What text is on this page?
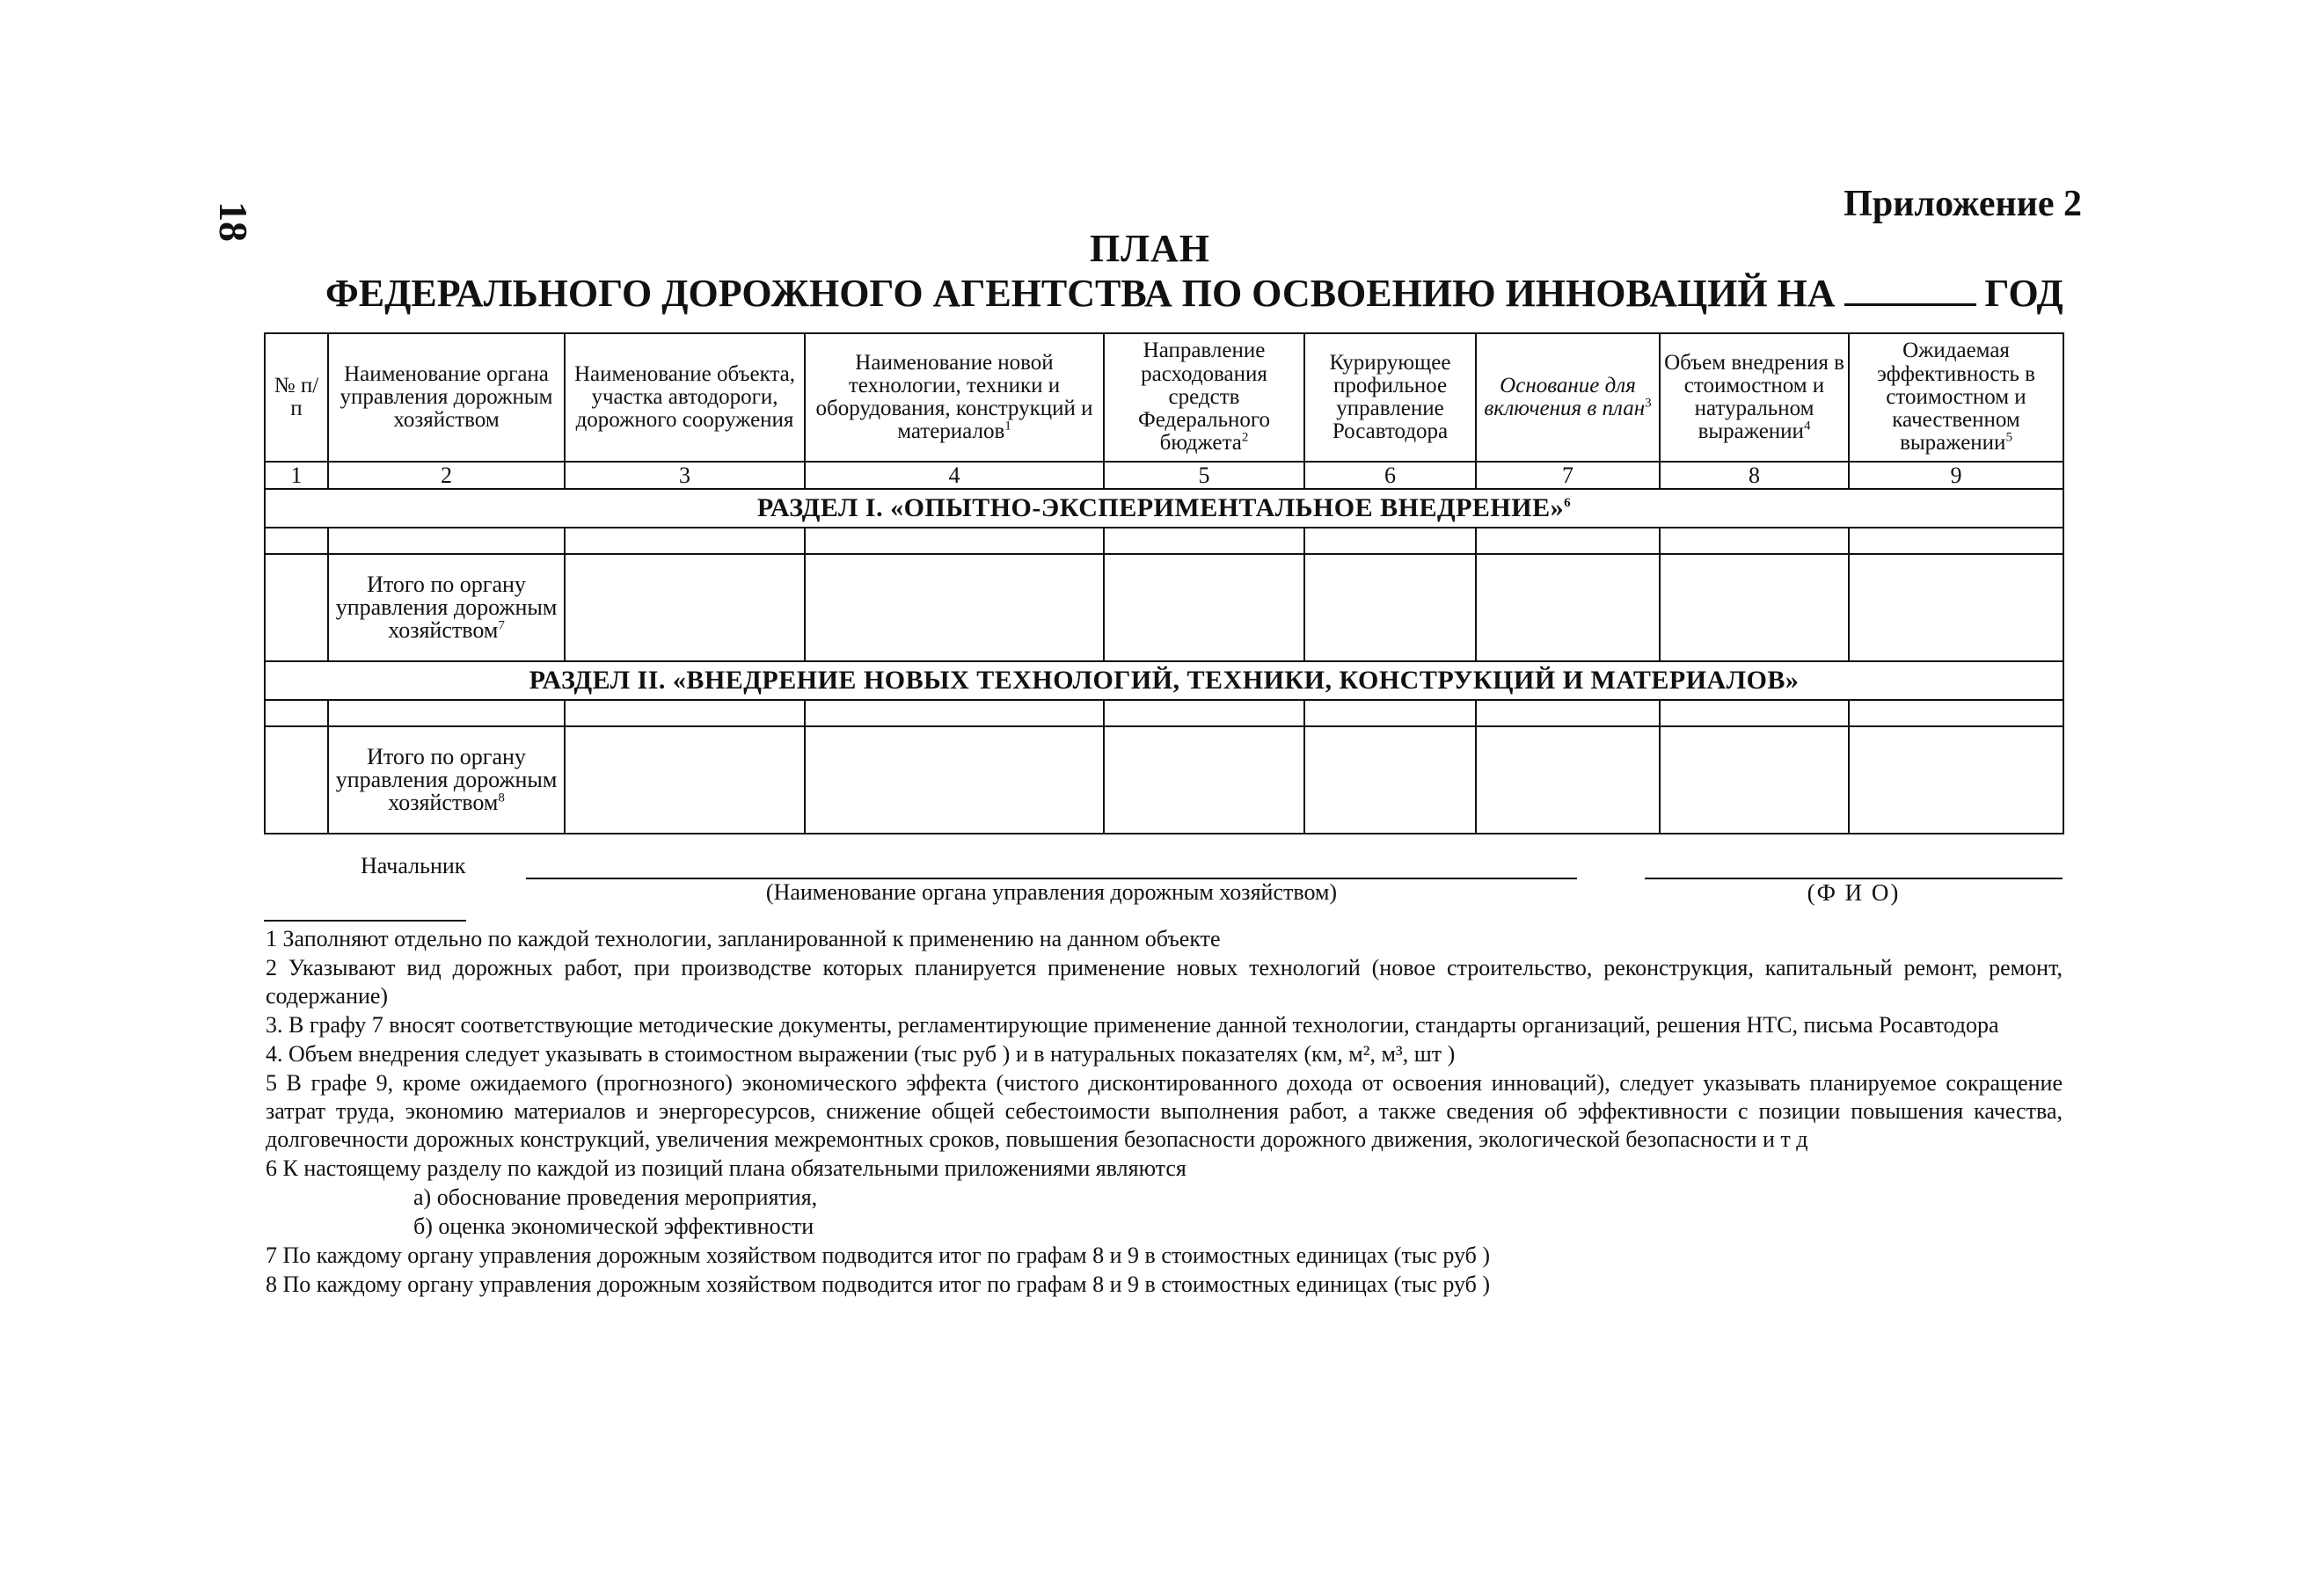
18	Приложение 2
ПЛАН
ФЕДЕРАЛЬНОГО ДОРОЖНОГО АГЕНТСТВА ПО ОСВОЕНИЮ ИННОВАЦИЙ НА	ГОД
№ п/п	Наименование органа управления дорожным хозяйством	Наименование объекта, участка автодороги, дорожного сооружения	Наименование новой технологии, техники и оборудования, конструкций и материалов$^1$	Направление расходования средств Федерального бюджета$^2$	Курирующее профильное управление Росавтодора	Основание для включения в план$^3$	Объем внедрения в стоимостном и натуральном выражении$^4$	Ожидаемая эффективность в стоимостном и качественном выражении$^5$
1	2	3	4	5	6	7	8	9
РАЗДЕЛ I. «ОПЫТНО-ЭКСПЕРИМЕНТАЛЬНОЕ ВНЕДРЕНИЕ»$^6$

	Итого по органу управления дорожным хозяйством$^7$							
РАЗДЕЛ II. «ВНЕДРЕНИЕ НОВЫХ ТЕХНОЛОГИЙ, ТЕХНИКИ, КОНСТРУКЦИЙ И МАТЕРИАЛОВ»								

	Итого по органу управления дорожным хозяйством$^8$							
Начальник
(Наименование органа управления дорожным хозяйством)	(Ф И О)

1 Заполняют отдельно по каждой технологии, запланированной к применению на данном объекте

2 Указывают вид дорожных работ, при производстве которых планируется применение новых технологий (новое строительство, реконструкция, капитальный ремонт, ремонт, содержание)

3. В графу 7 вносят соответствующие методические документы, регламентирующие применение данной технологии, стандарты организаций, решения НТС, письма Росавтодора

4. Объем внедрения следует указывать в стоимостном выражении (тыс руб ) и в натуральных показателях (км, м², м³, шт )

5 В графе 9, кроме ожидаемого (прогнозного) экономического эффекта (чистого дисконтированного дохода от освоения инноваций), следует указывать планируемое сокращение затрат труда, экономию материалов и энергоресурсов, снижение общей себестоимости выполнения работ, а также сведения об эффективности с позиции повышения качества, долговечности дорожных конструкций, увеличения межремонтных сроков, повышения безопасности дорожного движения, экологической безопасности и т д

6 К настоящему разделу по каждой из позиций плана обязательными приложениями являются

а) обоснование проведения мероприятия,

б) оценка экономической эффективности

7 По каждому органу управления дорожным хозяйством подводится итог по графам 8 и 9 в стоимостных единицах (тыс руб )

8 По каждому органу управления дорожным хозяйством подводится итог по графам 8 и 9 в стоимостных единицах (тыс руб )
